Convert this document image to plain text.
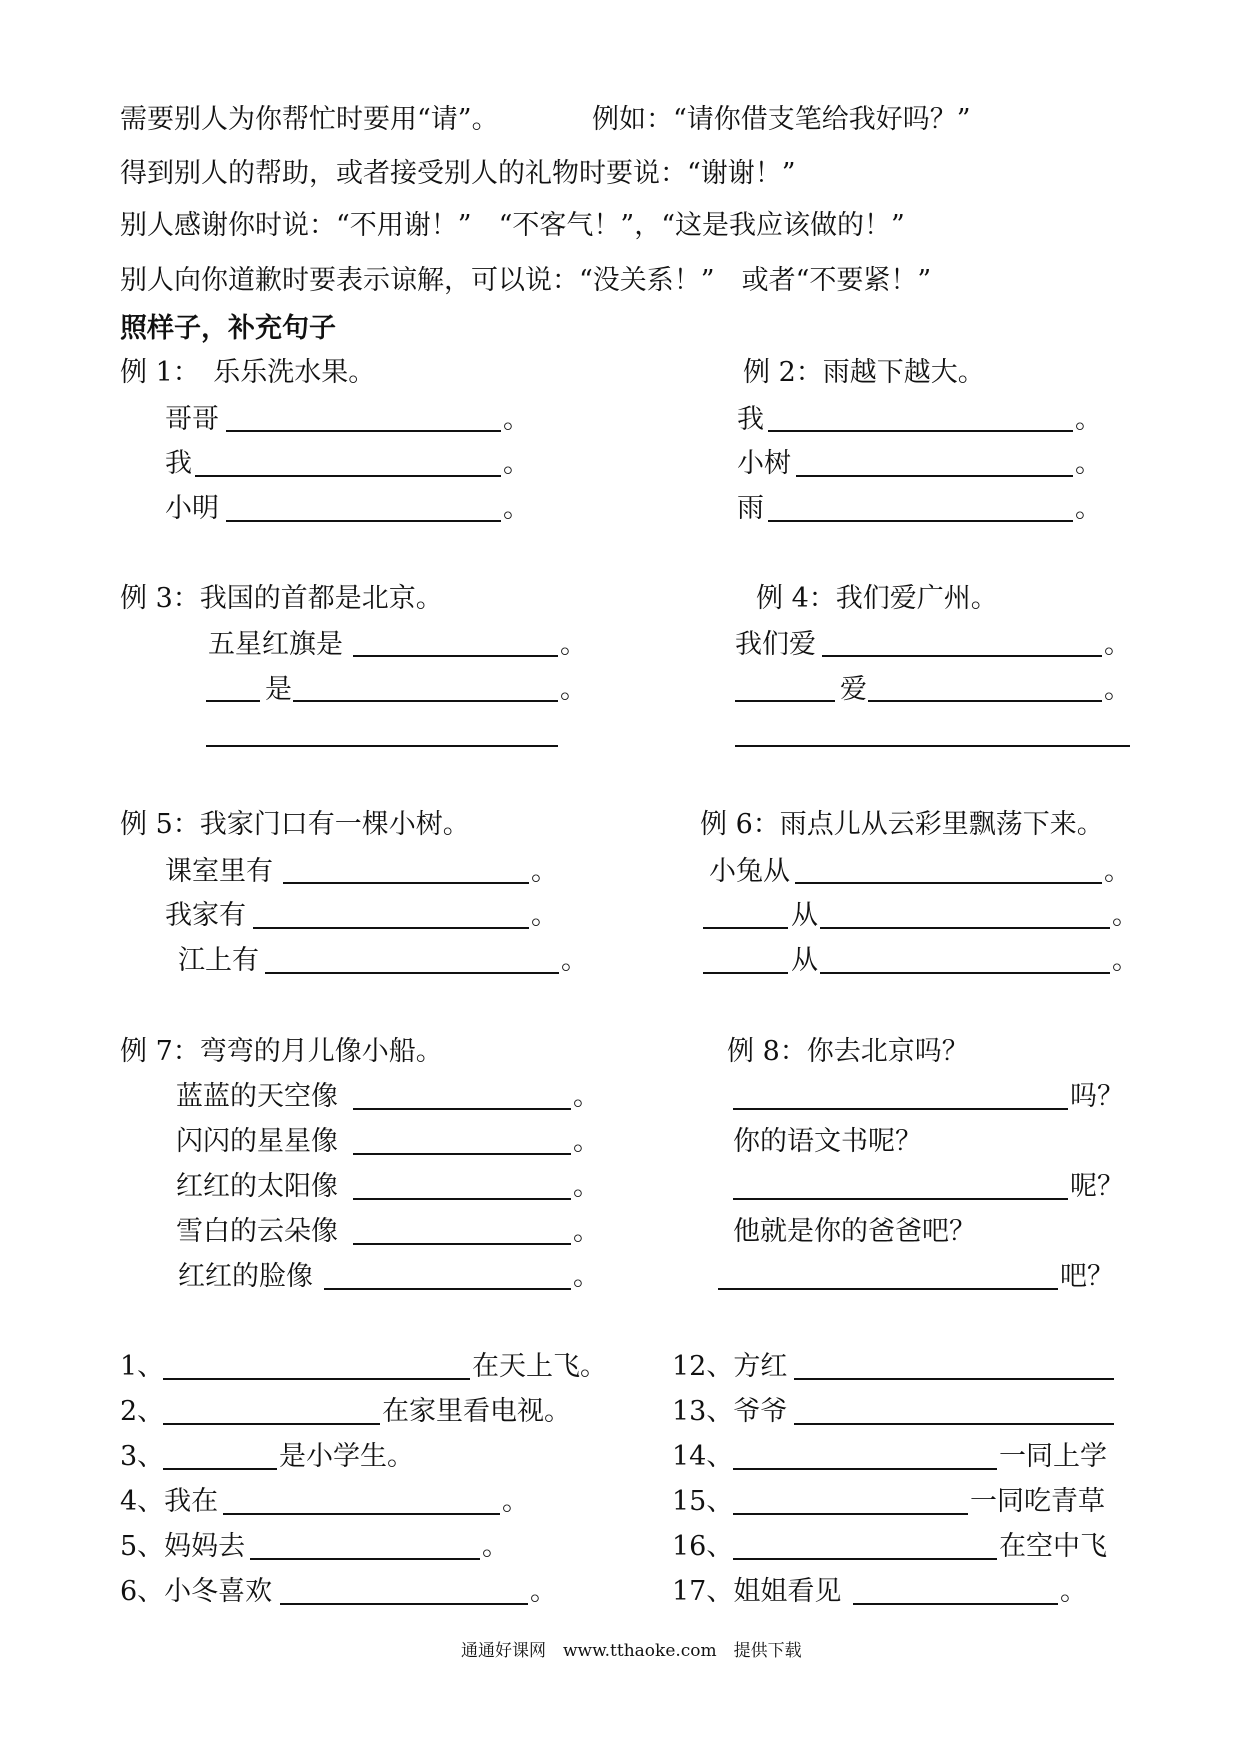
需要别人为你帮忙时要用“请”。	例如：“请你借支笔给我好吗？”
得到别人的帮助，或者接受别人的礼物时要说：“谢谢！”
别人感谢你时说：“不用谢！”　“不客气！”，“这是我应该做的！”
别人向你道歉时要表示谅解，可以说：“没关系！”　或者“不要紧！”
照样子，补充句子
例 1：　乐乐洗水果。
哥哥	。
我	。
小明	。
例 2：雨越下越大。
我	。
小树	。
雨	。
例 3：我国的首都是北京。
五星红旗是	。
是	。
例 4：我们爱广州。
我们爱	。
爱	。
例 5：我家门口有一棵小树。
课室里有	。
我家有	。
江上有	。
例 6：雨点儿从云彩里飘荡下来。
小兔从	。
从	。
从	。
例 7：弯弯的月儿像小船。
蓝蓝的天空像	。
闪闪的星星像	。
红红的太阳像	。
雪白的云朵像	。
红红的脸像	。
例 8：你去北京吗？
吗？
你的语文书呢？
呢？
他就是你的爸爸吧？
吧？
1、	在天上飞。
2、	在家里看电视。
3、	是小学生。
4、我在	。
5、妈妈去	。
6、小冬喜欢	。
12、方红
13、爷爷
14、	一同上学
15、	一同吃青草
16、	在空中飞
17、姐姐看见	。
通通好课网　www.tthaoke.com　提供下载
